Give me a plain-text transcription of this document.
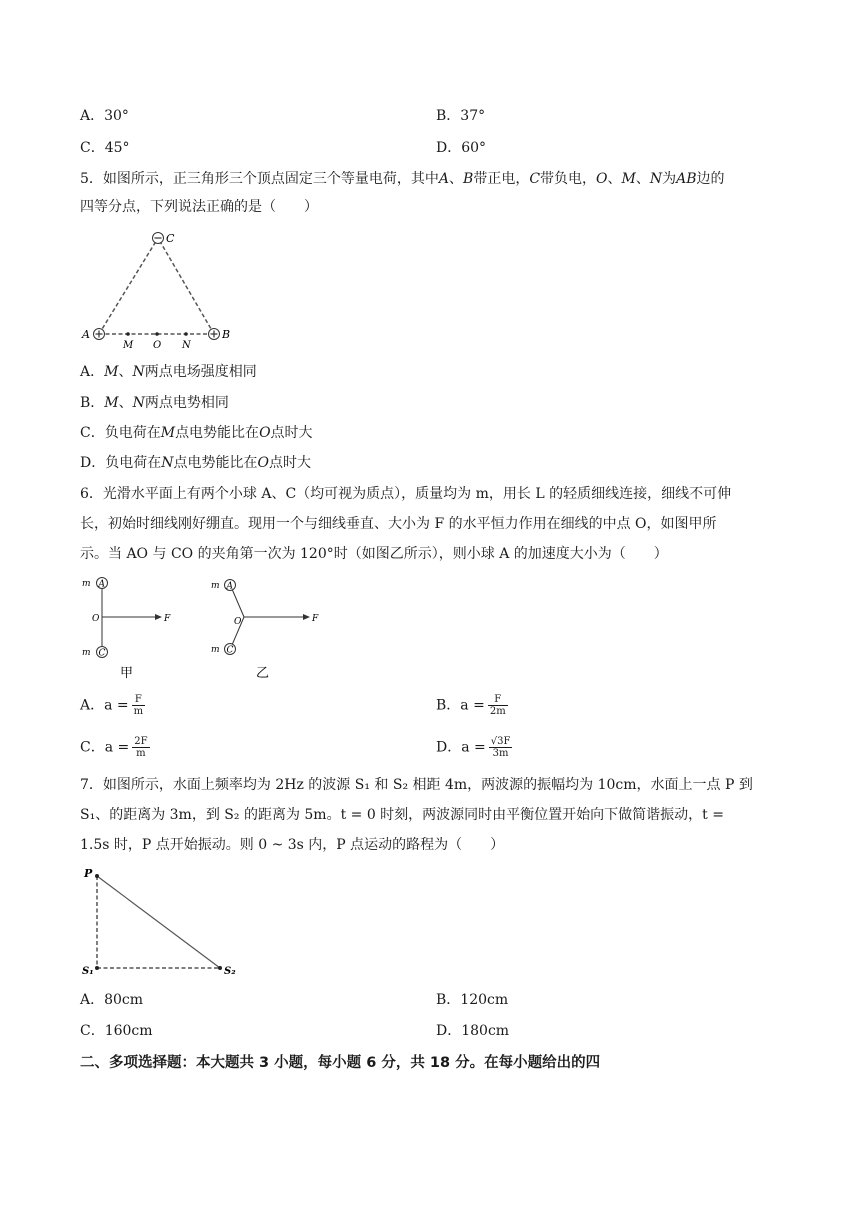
A．30°	B．37°
C．45°	D．60°
5．如图所示，正三角形三个顶点固定三个等量电荷，其中A、B带正电，C带负电，O、M、N为AB边的
四等分点，下列说法正确的是（　　）
C
A	B
M O N
A．M、N两点电场强度相同
B．M、N两点电势相同
C．负电荷在M点电势能比在O点时大
D．负电荷在N点电势能比在O点时大
6．光滑水平面上有两个小球 A、C（均可视为质点），质量均为 m，用长 L 的轻质细线连接，细线不可伸
长，初始时细线刚好绷直。现用一个与细线垂直、大小为 F 的水平恒力作用在细线的中点 O，如图甲所
示。当 AO 与 CO 的夹角第一次为 120°时（如图乙所示），则小球 A 的加速度大小为（　　）
A
C
m
m
O	F
甲
A
C
m
m
O	F
乙
A．$a = \frac{F}{m}$	B．$a = \frac{F}{2m}$
C．$a = \frac{2F}{m}$	D．$a = \frac{√3F}{3m}$
7．如图所示，水面上频率均为 2Hz 的波源 S₁ 和 S₂ 相距 4m，两波源的振幅均为 10cm，水面上一点 P 到
S₁、的距离为 3m，到 S₂ 的距离为 5m。t = 0 时刻，两波源同时由平衡位置开始向下做简谐振动，t =
1.5s 时，P 点开始振动。则 0 ~ 3s 内，P 点运动的路程为（　　）
P
S₁	S₂
A．80cm	B．120cm
C．160cm	D．180cm
二、多项选择题：本大题共 3 小题，每小题 6 分，共 18 分。在每小题给出的四
